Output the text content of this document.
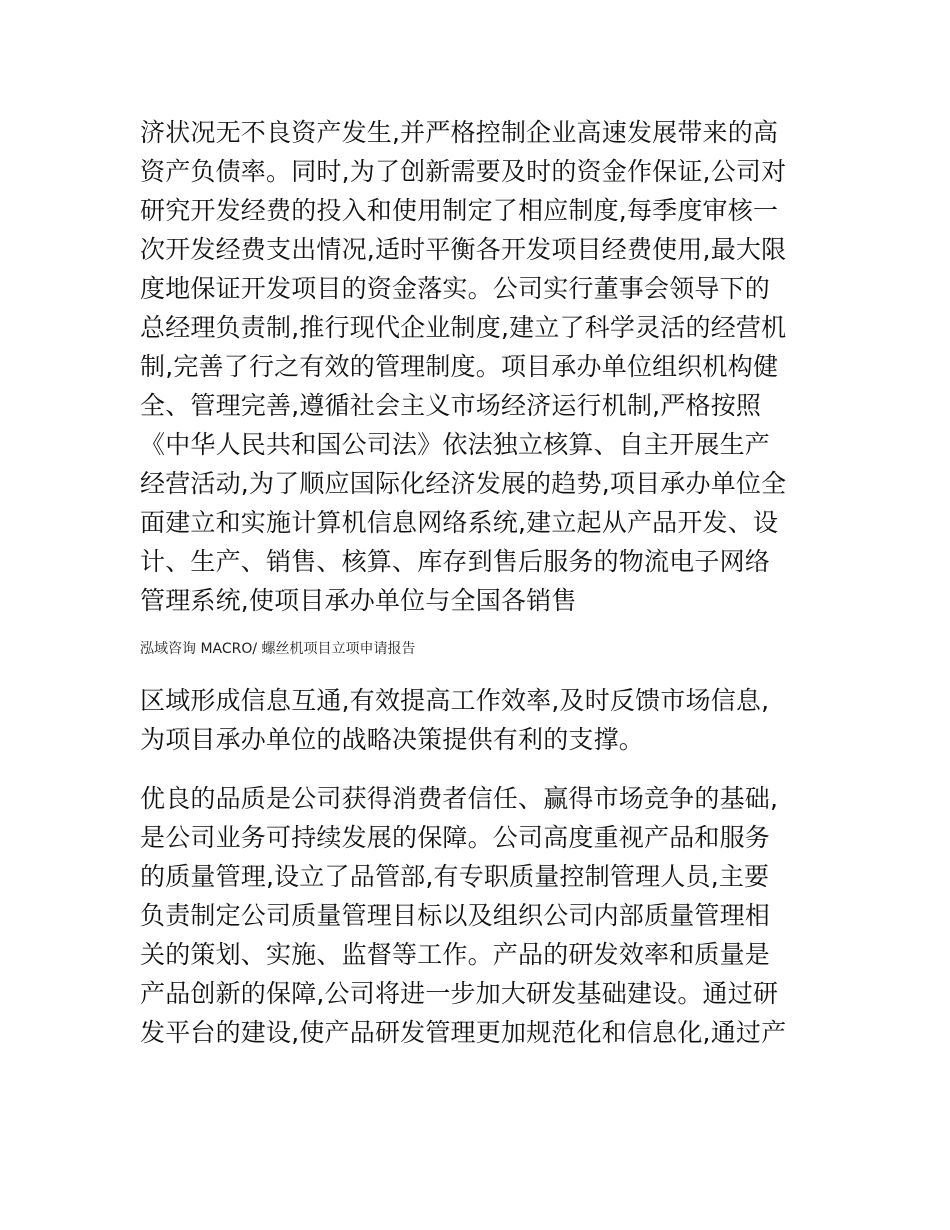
济状况无不良资产发生,并严格控制企业高速发展带来的高
资产负债率。同时,为了创新需要及时的资金作保证,公司对
研究开发经费的投入和使用制定了相应制度,每季度审核一
次开发经费支出情况,适时平衡各开发项目经费使用,最大限
度地保证开发项目的资金落实。公司实行董事会领导下的
总经理负责制,推行现代企业制度,建立了科学灵活的经营机
制,完善了行之有效的管理制度。项目承办单位组织机构健
全、管理完善,遵循社会主义市场经济运行机制,严格按照
《中华人民共和国公司法》依法独立核算、自主开展生产
经营活动,为了顺应国际化经济发展的趋势,项目承办单位全
面建立和实施计算机信息网络系统,建立起从产品开发、设
计、生产、销售、核算、库存到售后服务的物流电子网络
管理系统,使项目承办单位与全国各销售
泓域咨询 MACRO/ 螺丝机项目立项申请报告
区域形成信息互通,有效提高工作效率,及时反馈市场信息,
为项目承办单位的战略决策提供有利的支撑。
优良的品质是公司获得消费者信任、赢得市场竞争的基础,
是公司业务可持续发展的保障。公司高度重视产品和服务
的质量管理,设立了品管部,有专职质量控制管理人员,主要
负责制定公司质量管理目标以及组织公司内部质量管理相
关的策划、实施、监督等工作。产品的研发效率和质量是
产品创新的保障,公司将进一步加大研发基础建设。通过研
发平台的建设,使产品研发管理更加规范化和信息化,通过产
